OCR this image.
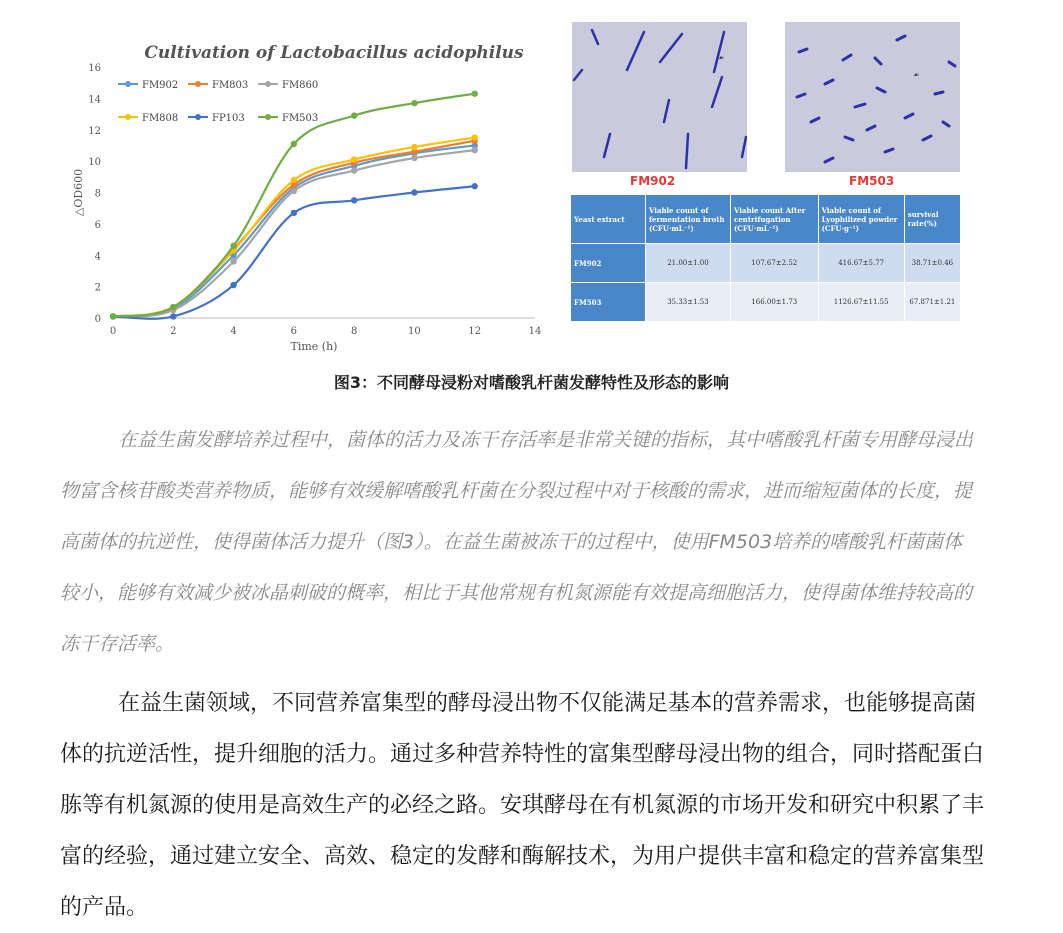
Cultivation of Lactobacillus acidophilus
0	2	4	6	8	10	12	14
0
2
4
6
8
10
12
14
16
Time (h)
△OD600
FM902	FM803	FM860
FM808	FP103	FM503
☙
FM902
☙
FM503
Yeast extract	Viable count of fermentation broth (CFU·mL⁻¹)	Viable count After centrifugation (CFU·mL⁻¹)	Viable count of Lyophilized powder (CFU·g⁻¹)	survival rate(%)
FM902	21.00±1.00	107.67±2.52	416.67±5.77	38.71±0.46
FM503	35.33±1.53	166.00±1.73	1126.67±11.55	67.871±1.21
图3：不同酵母浸粉对嗜酸乳杆菌发酵特性及形态的影响

在益生菌发酵培养过程中，菌体的活力及冻干存活率是非常关键的指标，其中嗜酸乳杆菌专用酵母浸出物富含核苷酸类营养物质，能够有效缓解嗜酸乳杆菌在分裂过程中对于核酸的需求，进而缩短菌体的长度，提高菌体的抗逆性，使得菌体活力提升（图3）。在益生菌被冻干的过程中，使用FM503培养的嗜酸乳杆菌菌体较小，能够有效减少被冰晶刺破的概率，相比于其他常规有机氮源能有效提高细胞活力，使得菌体维持较高的冻干存活率。

在益生菌领域，不同营养富集型的酵母浸出物不仅能满足基本的营养需求，也能够提高菌体的抗逆活性，提升细胞的活力。通过多种营养特性的富集型酵母浸出物的组合，同时搭配蛋白胨等有机氮源的使用是高效生产的必经之路。安琪酵母在有机氮源的市场开发和研究中积累了丰富的经验，通过建立安全、高效、稳定的发酵和酶解技术，为用户提供丰富和稳定的营养富集型的产品。
